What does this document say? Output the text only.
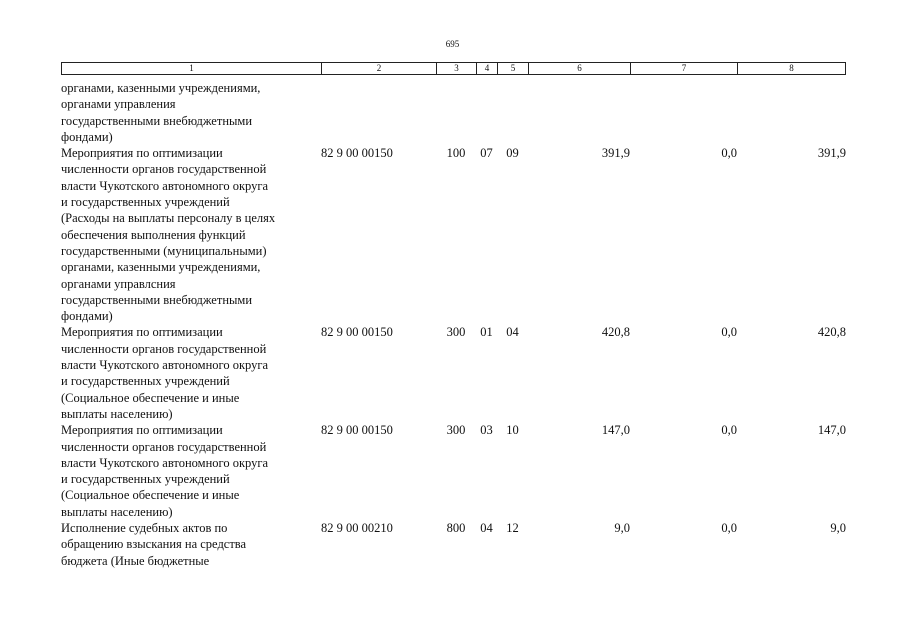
695
1	2	3	4	5	6	7	8
органами, казенными учреждениями,
органами управления
государственными внебюджетными
фондами)
Мероприятия по оптимизации
численности органов государственной
власти Чукотского автономного округа
и государственных учреждений
(Расходы на выплаты персоналу в целях
обеспечения выполнения функций
государственными (муниципальными)
органами, казенными учреждениями,
органами управлсния
государственными внебюджетными
фондами)
82 9 00 00150	100	07	09	391,9	0,0	391,9
Мероприятия по оптимизации
численности органов государственной
власти Чукотского автономного округа
и государственных учреждений
(Социальное обеспечение и иные
выплаты населению)
82 9 00 00150	300	01	04	420,8	0,0	420,8
Мероприятия по оптимизации
численности органов государственной
власти Чукотского автономного округа
и государственных учреждений
(Социальное обеспечение и иные
выплаты населению)
82 9 00 00150	300	03	10	147,0	0,0	147,0
Исполнение судебных актов по
обращению взыскания на средства
бюджета (Иные бюджетные
82 9 00 00210	800	04	12	9,0	0,0	9,0
